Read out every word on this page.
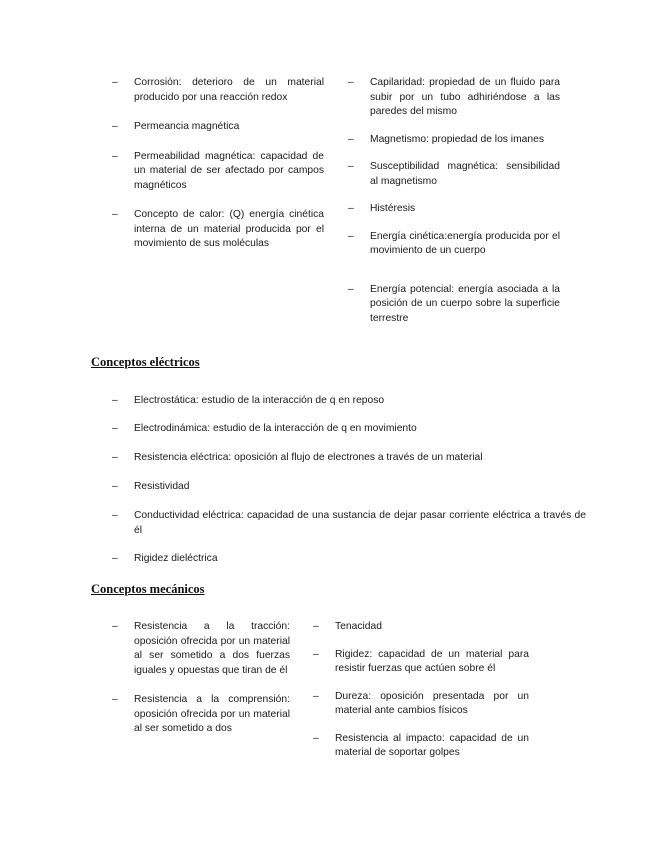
–	Corrosión: deterioro de un material producido por una reacción redox
–	Permeancia magnética
–	Permeabilidad magnética: capacidad de un material de ser afectado por campos magnéticos
–	Concepto de calor: (Q) energía cinética interna de un material producida por el movimiento de sus moléculas
–	Capilaridad: propiedad de un fluido para subir por un tubo adhiriéndose a las paredes del mismo
–	Magnetismo: propiedad de los imanes
–	Susceptibilidad magnética: sensibilidad al magnetismo
–	Histéresis
–	Energía cinética:energía producida por el movimiento de un cuerpo
–	Energía potencial: energía asociada a la posición de un cuerpo sobre la superficie terrestre
Conceptos eléctricos
–	Electrostática: estudio de la interacción de q en reposo
–	Electrodinámica: estudio de la interacción de q en movimiento
–	Resistencia eléctrica: oposición al flujo de electrones a través de un material
–	Resistividad
–	Conductividad eléctrica: capacidad de una sustancia de dejar pasar corriente eléctrica a través de él
–	Rigidez dieléctrica
Conceptos mecánicos
–	Resistencia a la tracción: oposición ofrecida por un material al ser sometido a dos fuerzas iguales y opuestas que tiran de él
–	Resistencia a la comprensión: oposición ofrecida por un material al ser sometido a dos
–	Tenacidad
–	Rigidez: capacidad de un material para resistir fuerzas que actúen sobre él
–	Dureza: oposición presentada por un material ante cambios físicos
–	Resistencia al impacto: capacidad de un material de soportar golpes
